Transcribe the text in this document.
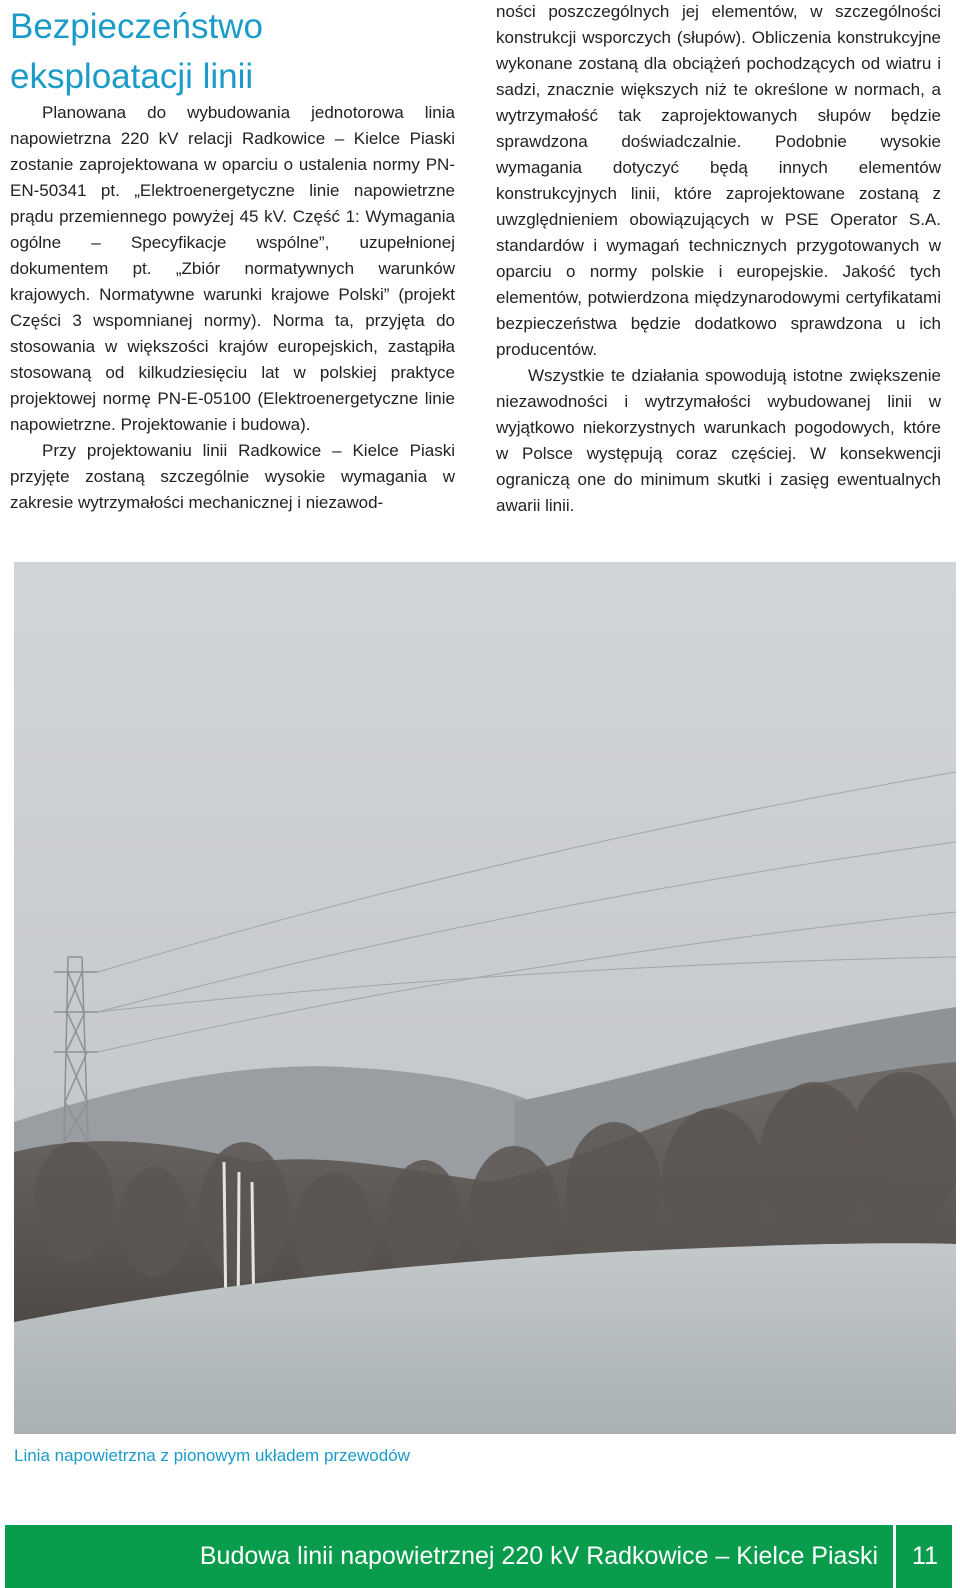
Bezpieczeństwo eksploatacji linii

Planowana do wybudowania jednotorowa linia napowietrzna 220 kV relacji Radkowice – Kielce Piaski zostanie zaprojektowana w oparciu o ustalenia normy PN-EN-50341 pt. „Elektroenergetyczne linie napowietrzne prądu przemiennego powyżej 45 kV. Część 1: Wymagania ogólne – Specyfikacje wspólne”, uzupełnionej dokumentem pt. „Zbiór normatywnych warunków krajowych. Normatywne warunki krajowe Polski” (projekt Części 3 wspomnianej normy). Norma ta, przyjęta do stosowania w większości krajów europejskich, zastąpiła stosowaną od kilkudziesięciu lat w polskiej praktyce projektowej normę PN-E-05100 (Elektroenergetyczne linie napowietrzne. Projektowanie i budowa).

Przy projektowaniu linii Radkowice – Kielce Piaski przyjęte zostaną szczególnie wysokie wymagania w zakresie wytrzymałości mechanicznej i niezawod-

ności poszczególnych jej elementów, w szczególności konstrukcji wsporczych (słupów). Obliczenia konstrukcyjne wykonane zostaną dla obciążeń pochodzących od wiatru i sadzi, znacznie większych niż te określone w normach, a wytrzymałość tak zaprojektowanych słupów będzie sprawdzona doświadczalnie. Podobnie wysokie wymagania dotyczyć będą innych elementów konstrukcyjnych linii, które zaprojektowane zostaną z uwzględnieniem obowiązujących w PSE Operator S.A. standardów i wymagań technicznych przygotowanych w oparciu o normy polskie i europejskie. Jakość tych elementów, potwierdzona międzynarodowymi certyfikatami bezpieczeństwa będzie dodatkowo sprawdzona u ich producentów.

Wszystkie te działania spowodują istotne zwiększenie niezawodności i wytrzymałości wybudowanej linii w wyjątkowo niekorzystnych warunkach pogodowych, które w Polsce występują coraz częściej. W konsekwencji ograniczą one do minimum skutki i zasięg ewentualnych awarii linii.

Linia napowietrzna z pionowym układem przewodów

Budowa linii napowietrznej 220 kV Radkowice – Kielce Piaski	11
